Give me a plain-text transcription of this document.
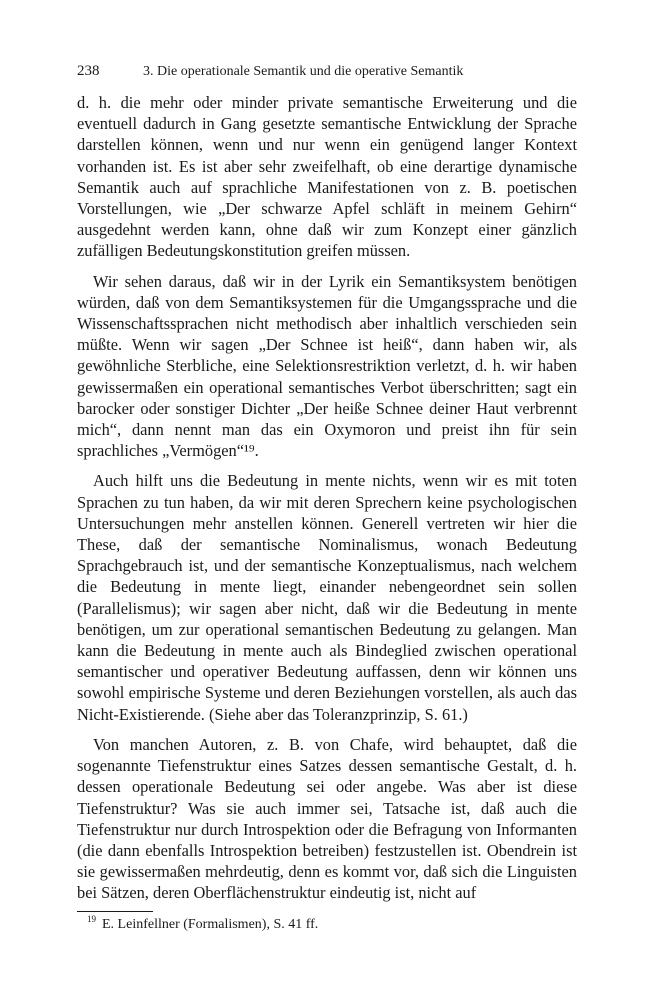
238	3. Die operationale Semantik und die operative Semantik

d. h. die mehr oder minder private semantische Erweiterung und die eventuell dadurch in Gang gesetzte semantische Entwicklung der Sprache darstellen können, wenn und nur wenn ein genügend langer Kontext vorhanden ist. Es ist aber sehr zweifelhaft, ob eine derartige dynamische Semantik auch auf sprachliche Manifestationen von z. B. poetischen Vorstellungen, wie „Der schwarze Apfel schläft in meinem Gehirn“ ausgedehnt werden kann, ohne daß wir zum Konzept einer gänzlich zufälligen Bedeutungskonstitution greifen müssen.

Wir sehen daraus, daß wir in der Lyrik ein Semantiksystem benötigen würden, daß von dem Semantiksystemen für die Umgangssprache und die Wissenschaftssprachen nicht methodisch aber inhaltlich verschieden sein müßte. Wenn wir sagen „Der Schnee ist heiß“, dann haben wir, als gewöhnliche Sterbliche, eine Selektionsrestriktion verletzt, d. h. wir haben gewissermaßen ein operational semantisches Verbot überschritten; sagt ein barocker oder sonstiger Dichter „Der heiße Schnee deiner Haut verbrennt mich“, dann nennt man das ein Oxymoron und preist ihn für sein sprachliches „Vermögen“¹⁹.

Auch hilft uns die Bedeutung in mente nichts, wenn wir es mit toten Sprachen zu tun haben, da wir mit deren Sprechern keine psychologischen Untersuchungen mehr anstellen können. Generell vertreten wir hier die These, daß der semantische Nominalismus, wonach Bedeutung Sprachgebrauch ist, und der semantische Konzeptualismus, nach welchem die Bedeutung in mente liegt, einander nebengeordnet sein sollen (Parallelismus); wir sagen aber nicht, daß wir die Bedeutung in mente benötigen, um zur operational semantischen Bedeutung zu gelangen. Man kann die Bedeutung in mente auch als Bindeglied zwischen operational semantischer und operativer Bedeutung auffassen, denn wir können uns sowohl empirische Systeme und deren Beziehungen vorstellen, als auch das Nicht-Existierende. (Siehe aber das Toleranzprinzip, S. 61.)

Von manchen Autoren, z. B. von Chafe, wird behauptet, daß die sogenannte Tiefenstruktur eines Satzes dessen semantische Gestalt, d. h. dessen operationale Bedeutung sei oder angebe. Was aber ist diese Tiefenstruktur? Was sie auch immer sei, Tatsache ist, daß auch die Tiefenstruktur nur durch Introspektion oder die Befragung von Informanten (die dann ebenfalls Introspektion betreiben) festzustellen ist. Obendrein ist sie gewissermaßen mehrdeutig, denn es kommt vor, daß sich die Linguisten bei Sätzen, deren Oberflächenstruktur eindeutig ist, nicht auf

$^{19}$ E. Leinfellner (Formalismen), S. 41 ff.
